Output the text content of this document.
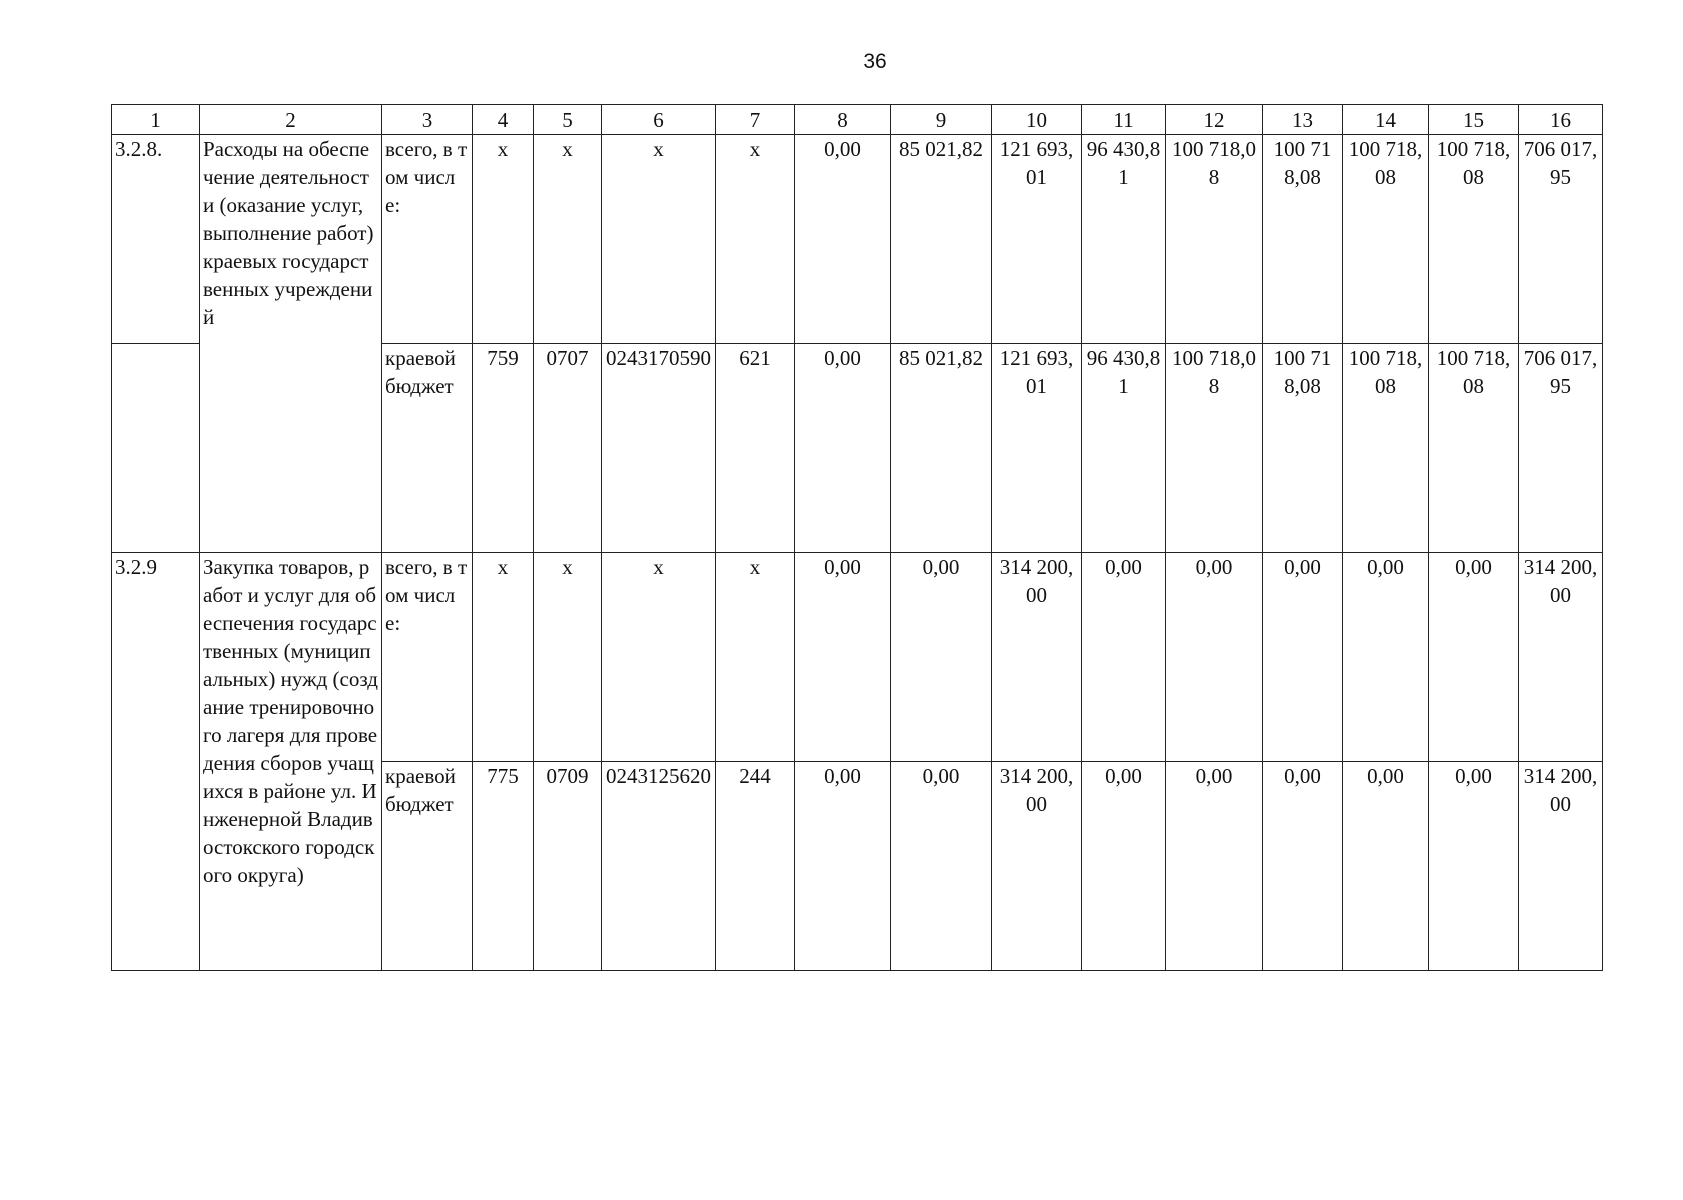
36
1	2	3	4	5	6	7	8	9	10	11	12	13	14	15	16
3.2.8.	Расходы на обеспечение деятельности (оказание услуг, выполнение работ) краевых государственных учреждений	всего, в том числе:	x	x	x	x	0,00	85 021,82	121 693,01	96 430,81	100 718,08	100 718,08	100 718,08	100 718,08	706 017,95
		краевой бюджет	759	0707	0243170590	621	0,00	85 021,82	121 693,01	96 430,81	100 718,08	100 718,08	100 718,08	100 718,08	706 017,95
3.2.9	Закупка товаров, работ и услуг для обеспечения государственных (муниципальных) нужд (создание тренировочного лагеря для проведения сборов учащихся в районе ул. Инженерной Владивостокского городского округа)	всего, в том числе:	x	x	x	x	0,00	0,00	314 200,00	0,00	0,00	0,00	0,00	0,00	314 200,00
		краевой бюджет	775	0709	0243125620	244	0,00	0,00	314 200,00	0,00	0,00	0,00	0,00	0,00	314 200,00
